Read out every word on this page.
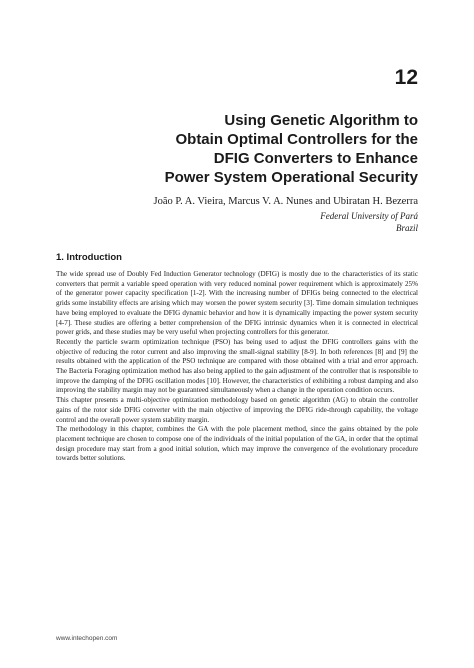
12
Using Genetic Algorithm to
Obtain Optimal Controllers for the
DFIG Converters to Enhance
Power System Operational Security
João P. A. Vieira, Marcus V. A. Nunes and Ubiratan H. Bezerra
Federal University of Pará
Brazil
1. Introduction

The wide spread use of Doubly Fed Induction Generator technology (DFIG) is mostly due to the characteristics of its static converters that permit a variable speed operation with very reduced nominal power requirement which is approximately 25% of the generator power capacity specification [1-2]. With the increasing number of DFIGs being connected to the electrical grids some instability effects are arising which may worsen the power system security [3]. Time domain simulation techniques have being employed to evaluate the DFIG dynamic behavior and how it is dynamically impacting the power system security [4-7]. These studies are offering a better comprehension of the DFIG intrinsic dynamics when it is connected in electrical power grids, and these studies may be very useful when projecting controllers for this generator.

Recently the particle swarm optimization technique (PSO) has being used to adjust the DFIG controllers gains with the objective of reducing the rotor current and also improving the small-signal stability [8-9]. In both references [8] and [9] the results obtained with the application of the PSO technique are compared with those obtained with a trial and error approach. The Bacteria Foraging optimization method has also being applied to the gain adjustment of the controller that is responsible to improve the damping of the DFIG oscillation modes [10]. However, the characteristics of exhibiting a robust damping and also improving the stability margin may not be guaranteed simultaneously when a change in the operation condition occurs.

This chapter presents a multi-objective optimization methodology based on genetic algorithm (AG) to obtain the controller gains of the rotor side DFIG converter with the main objective of improving the DFIG ride-through capability, the voltage control and the overall power system stability margin.

The methodology in this chapter, combines the GA with the pole placement method, since the gains obtained by the pole placement technique are chosen to compose one of the individuals of the initial population of the GA, in order that the optimal design procedure may start from a good initial solution, which may improve the convergence of the evolutionary procedure towards better solutions.

www.intechopen.com
